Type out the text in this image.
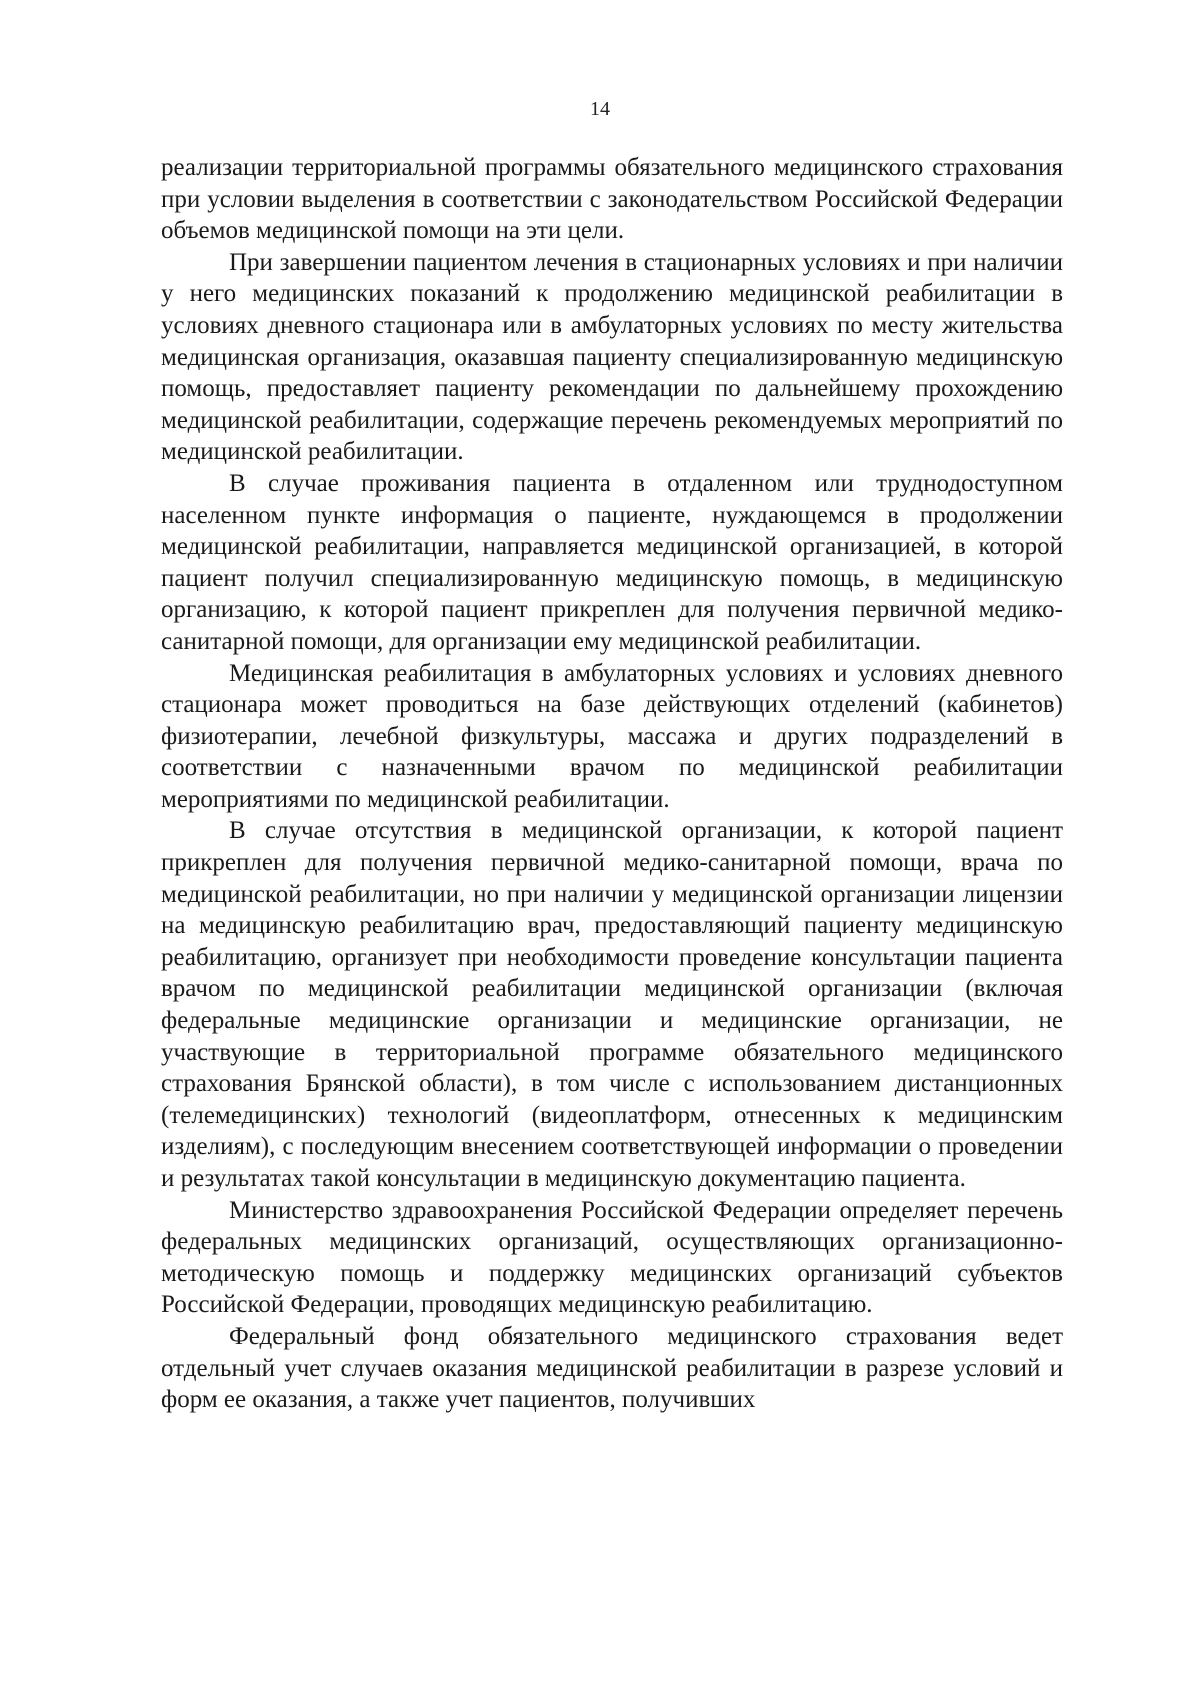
14

реализации территориальной программы обязательного медицинского страхования при условии выделения в соответствии с законодательством Российской Федерации объемов медицинской помощи на эти цели.

При завершении пациентом лечения в стационарных условиях и при наличии у него медицинских показаний к продолжению медицинской реабилитации в условиях дневного стационара или в амбулаторных условиях по месту жительства медицинская организация, оказавшая пациенту специализированную медицинскую помощь, предоставляет пациенту рекомендации по дальнейшему прохождению медицинской реабилитации, содержащие перечень рекомендуемых мероприятий по медицинской реабилитации.

В случае проживания пациента в отдаленном или труднодоступном населенном пункте информация о пациенте, нуждающемся в продолжении медицинской реабилитации, направляется медицинской организацией, в которой пациент получил специализированную медицинскую помощь, в медицинскую организацию, к которой пациент прикреплен для получения первичной медико-санитарной помощи, для организации ему медицинской реабилитации.

Медицинская реабилитация в амбулаторных условиях и условиях дневного стационара может проводиться на базе действующих отделений (кабинетов) физиотерапии, лечебной физкультуры, массажа и других подразделений в соответствии с назначенными врачом по медицинской реабилитации мероприятиями по медицинской реабилитации.

В случае отсутствия в медицинской организации, к которой пациент прикреплен для получения первичной медико-санитарной помощи, врача по медицинской реабилитации, но при наличии у медицинской организации лицензии на медицинскую реабилитацию врач, предоставляющий пациенту медицинскую реабилитацию, организует при необходимости проведение консультации пациента врачом по медицинской реабилитации медицинской организации (включая федеральные медицинские организации и медицинские организации, не участвующие в территориальной программе обязательного медицинского страхования Брянской области), в том числе с использованием дистанционных (телемедицинских) технологий (видеоплатформ, отнесенных к медицинским изделиям), с последующим внесением соответствующей информации о проведении и результатах такой консультации в медицинскую документацию пациента.

Министерство здравоохранения Российской Федерации определяет перечень федеральных медицинских организаций, осуществляющих организационно-методическую помощь и поддержку медицинских организаций субъектов Российской Федерации, проводящих медицинскую реабилитацию.

Федеральный фонд обязательного медицинского страхования ведет отдельный учет случаев оказания медицинской реабилитации в разрезе условий и форм ее оказания, а также учет пациентов, получивших
